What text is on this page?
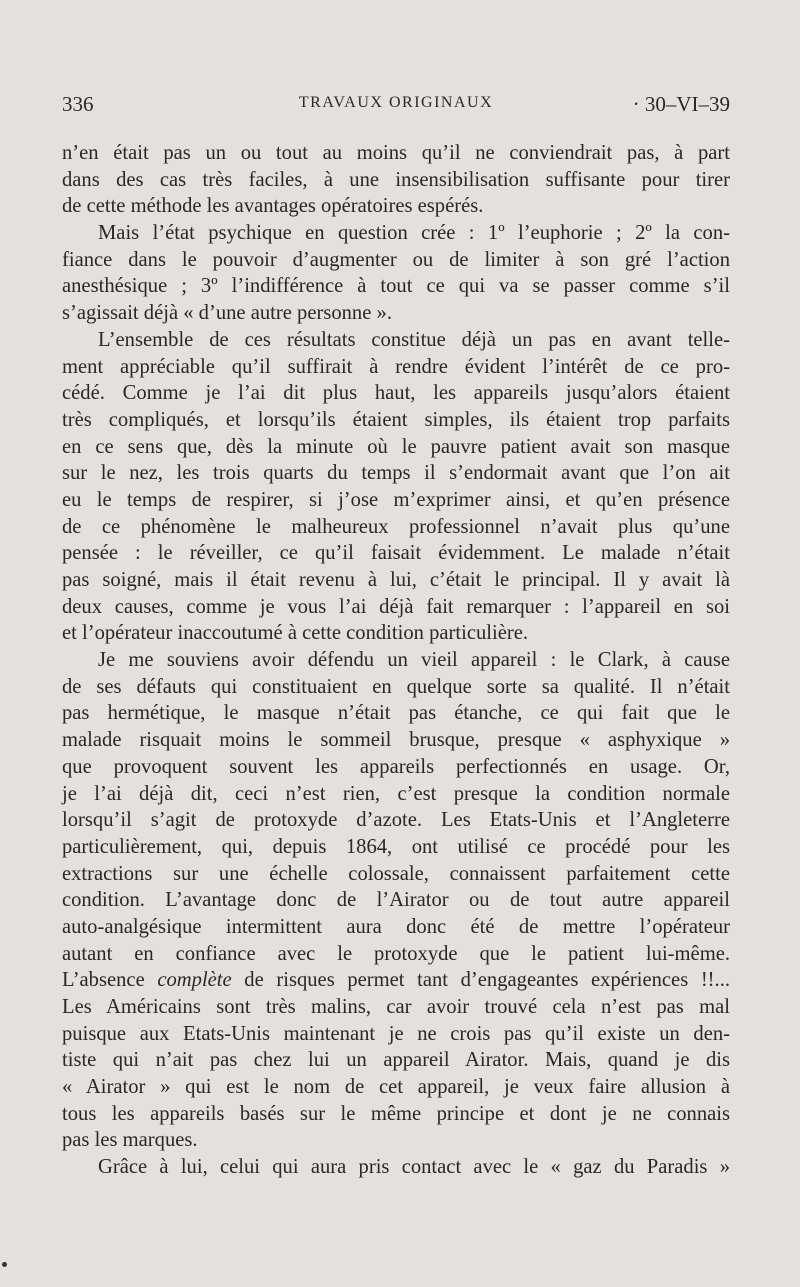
336	TRAVAUX ORIGINAUX	· 30–VI–39
n’en était pas un ou tout au moins qu’il ne conviendrait pas, à part
dans des cas très faciles, à une insensibilisation suffisante pour tirer
de cette méthode les avantages opératoires espérés.
Mais l’état psychique en question crée : 1º l’euphorie ; 2º la con-
fiance dans le pouvoir d’augmenter ou de limiter à son gré l’action
anesthésique ; 3º l’indifférence à tout ce qui va se passer comme s’il
s’agissait déjà « d’une autre personne ».
L’ensemble de ces résultats constitue déjà un pas en avant telle-
ment appréciable qu’il suffirait à rendre évident l’intérêt de ce pro-
cédé. Comme je l’ai dit plus haut, les appareils jusqu’alors étaient
très compliqués, et lorsqu’ils étaient simples, ils étaient trop parfaits
en ce sens que, dès la minute où le pauvre patient avait son masque
sur le nez, les trois quarts du temps il s’endormait avant que l’on ait
eu le temps de respirer, si j’ose m’exprimer ainsi, et qu’en présence
de ce phénomène le malheureux professionnel n’avait plus qu’une
pensée : le réveiller, ce qu’il faisait évidemment. Le malade n’était
pas soigné, mais il était revenu à lui, c’était le principal. Il y avait là
deux causes, comme je vous l’ai déjà fait remarquer : l’appareil en soi
et l’opérateur inaccoutumé à cette condition particulière.
Je me souviens avoir défendu un vieil appareil : le Clark, à cause
de ses défauts qui constituaient en quelque sorte sa qualité. Il n’était
pas hermétique, le masque n’était pas étanche, ce qui fait que le
malade risquait moins le sommeil brusque, presque « asphyxique »
que provoquent souvent les appareils perfectionnés en usage. Or,
je l’ai déjà dit, ceci n’est rien, c’est presque la condition normale
lorsqu’il s’agit de protoxyde d’azote. Les Etats-Unis et l’Angleterre
particulièrement, qui, depuis 1864, ont utilisé ce procédé pour les
extractions sur une échelle colossale, connaissent parfaitement cette
condition. L’avantage donc de l’Airator ou de tout autre appareil
auto-analgésique intermittent aura donc été de mettre l’opérateur
autant en confiance avec le protoxyde que le patient lui-même.
L’absence complète de risques permet tant d’engageantes expériences !!...
Les Américains sont très malins, car avoir trouvé cela n’est pas mal
puisque aux Etats-Unis maintenant je ne crois pas qu’il existe un den-
tiste qui n’ait pas chez lui un appareil Airator. Mais, quand je dis
« Airator » qui est le nom de cet appareil, je veux faire allusion à
tous les appareils basés sur le même principe et dont je ne connais
pas les marques.
Grâce à lui, celui qui aura pris contact avec le « gaz du Paradis »
